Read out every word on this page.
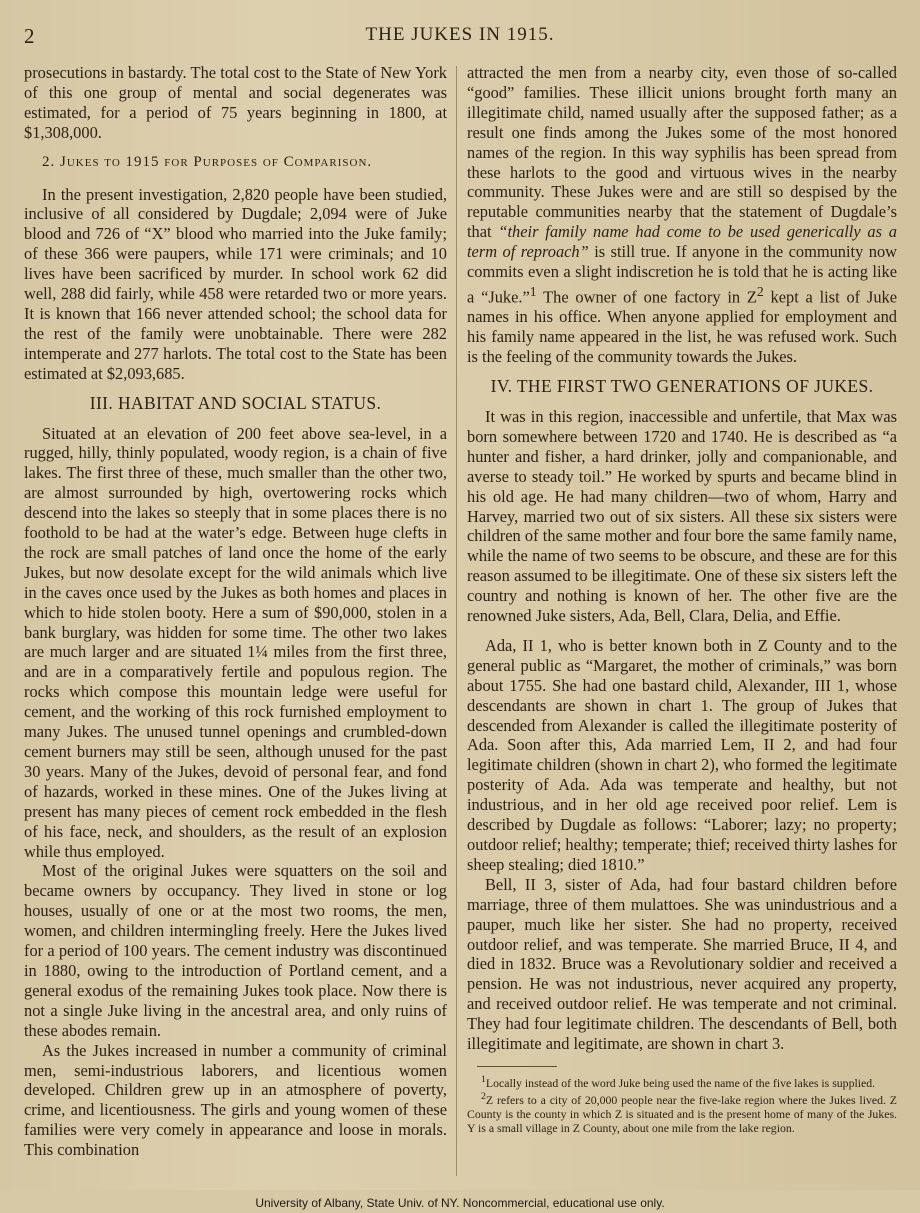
2	THE JUKES IN 1915.

prosecutions in bastardy. The total cost to the State of New York of this one group of mental and social degenerates was estimated, for a period of 75 years beginning in 1800, at $1,308,000.

2. Jukes to 1915 for Purposes of Comparison.

In the present investigation, 2,820 people have been studied, inclusive of all considered by Dugdale; 2,094 were of Juke blood and 726 of “X” blood who married into the Juke family; of these 366 were paupers, while 171 were criminals; and 10 lives have been sacrificed by murder. In school work 62 did well, 288 did fairly, while 458 were retarded two or more years. It is known that 166 never attended school; the school data for the rest of the family were unobtainable. There were 282 intemperate and 277 harlots. The total cost to the State has been estimated at $2,093,685.

III. HABITAT AND SOCIAL STATUS.

Situated at an elevation of 200 feet above sea-level, in a rugged, hilly, thinly populated, woody region, is a chain of five lakes. The first three of these, much smaller than the other two, are almost surrounded by high, overtowering rocks which descend into the lakes so steeply that in some places there is no foothold to be had at the water’s edge. Between huge clefts in the rock are small patches of land once the home of the early Jukes, but now desolate except for the wild animals which live in the caves once used by the Jukes as both homes and places in which to hide stolen booty. Here a sum of $90,000, stolen in a bank burglary, was hidden for some time. The other two lakes are much larger and are situated 1¼ miles from the first three, and are in a comparatively fertile and populous region. The rocks which compose this mountain ledge were useful for cement, and the working of this rock furnished employment to many Jukes. The unused tunnel openings and crumbled-down cement burners may still be seen, although unused for the past 30 years. Many of the Jukes, devoid of personal fear, and fond of hazards, worked in these mines. One of the Jukes living at present has many pieces of cement rock embedded in the flesh of his face, neck, and shoulders, as the result of an explosion while thus employed.

Most of the original Jukes were squatters on the soil and became owners by occupancy. They lived in stone or log houses, usually of one or at the most two rooms, the men, women, and children intermingling freely. Here the Jukes lived for a period of 100 years. The cement industry was discontinued in 1880, owing to the introduction of Portland cement, and a general exodus of the remaining Jukes took place. Now there is not a single Juke living in the ancestral area, and only ruins of these abodes remain.

As the Jukes increased in number a community of criminal men, semi-industrious laborers, and licentious women developed. Children grew up in an atmosphere of poverty, crime, and licentiousness. The girls and young women of these families were very comely in appearance and loose in morals. This combination

attracted the men from a nearby city, even those of so-called “good” families. These illicit unions brought forth many an illegitimate child, named usually after the supposed father; as a result one finds among the Jukes some of the most honored names of the region. In this way syphilis has been spread from these harlots to the good and virtuous wives in the nearby community. These Jukes were and are still so despised by the reputable communities nearby that the statement of Dugdale’s that “their family name had come to be used generically as a term of reproach” is still true. If anyone in the community now commits even a slight indiscretion he is told that he is acting like a “Juke.”$^1$ The owner of one factory in $Z^2$ kept a list of Juke names in his office. When anyone applied for employment and his family name appeared in the list, he was refused work. Such is the feeling of the community towards the Jukes.

IV. THE FIRST TWO GENERATIONS OF JUKES.

It was in this region, inaccessible and unfertile, that Max was born somewhere between 1720 and 1740. He is described as “a hunter and fisher, a hard drinker, jolly and companionable, and averse to steady toil.” He worked by spurts and became blind in his old age. He had many children—two of whom, Harry and Harvey, married two out of six sisters. All these six sisters were children of the same mother and four bore the same family name, while the name of two seems to be obscure, and these are for this reason assumed to be illegitimate. One of these six sisters left the country and nothing is known of her. The other five are the renowned Juke sisters, Ada, Bell, Clara, Delia, and Effie.

Ada, II 1, who is better known both in Z County and to the general public as “Margaret, the mother of criminals,” was born about 1755. She had one bastard child, Alexander, III 1, whose descendants are shown in chart 1. The group of Jukes that descended from Alexander is called the illegitimate posterity of Ada. Soon after this, Ada married Lem, II 2, and had four legitimate children (shown in chart 2), who formed the legitimate posterity of Ada. Ada was temperate and healthy, but not industrious, and in her old age received poor relief. Lem is described by Dugdale as follows: “Laborer; lazy; no property; outdoor relief; healthy; temperate; thief; received thirty lashes for sheep stealing; died 1810.”

Bell, II 3, sister of Ada, had four bastard children before marriage, three of them mulattoes. She was unindustrious and a pauper, much like her sister. She had no property, received outdoor relief, and was temperate. She married Bruce, II 4, and died in 1832. Bruce was a Revolutionary soldier and received a pension. He was not industrious, never acquired any property, and received outdoor relief. He was temperate and not criminal. They had four legitimate children. The descendants of Bell, both illegitimate and legitimate, are shown in chart 3.

$^1$Locally instead of the word Juke being used the name of the five lakes is supplied.

$^2$Z refers to a city of 20,000 people near the five-lake region where the Jukes lived. Z County is the county in which Z is situated and is the present home of many of the Jukes. Y is a small village in Z County, about one mile from the lake region.

University of Albany, State Univ. of NY. Noncommercial, educational use only.
